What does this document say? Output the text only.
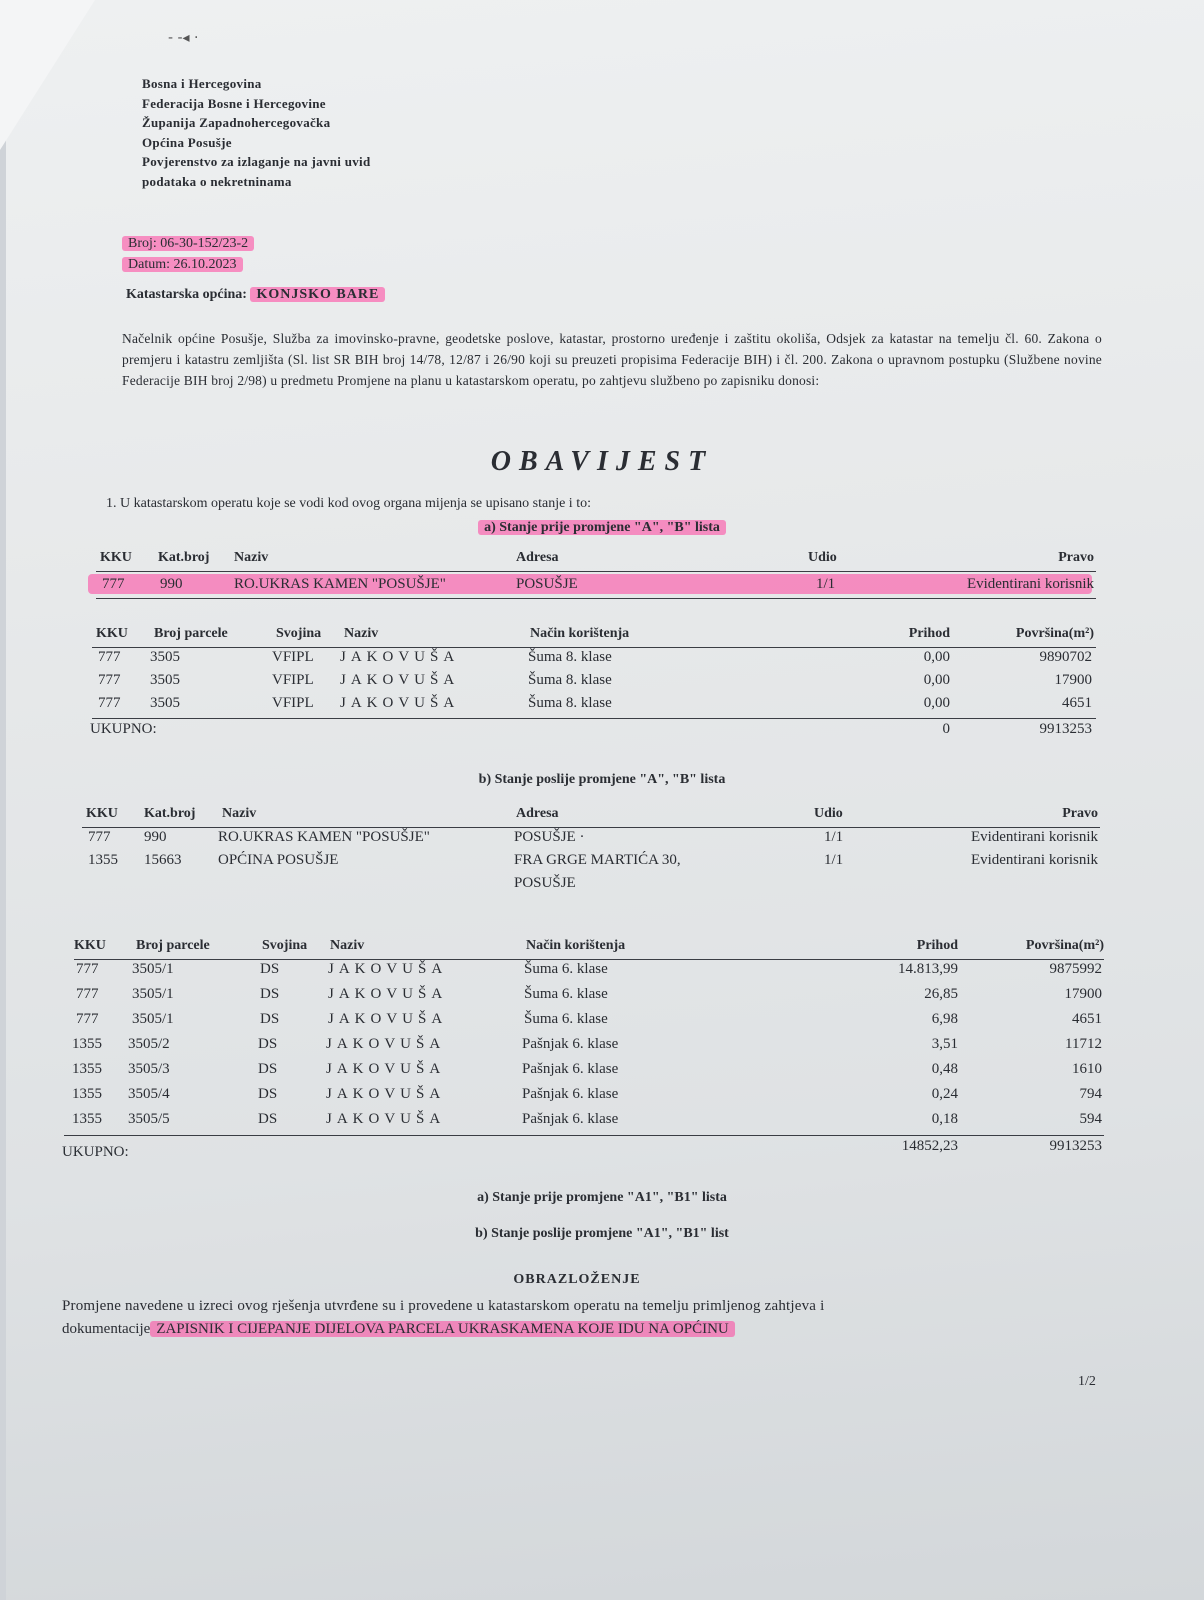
‐ ‐◂ ·
Bosna i Hercegovina
Federacija Bosne i Hercegovine
Županija Zapadnohercegovačka
Općina Posušje
Povjerenstvo za izlaganje na javni uvid
podataka o nekretninama
Broj: 06-30-152/23-2
Datum: 26.10.2023
Katastarska općina: KONJSKO BARE
Načelnik općine Posušje, Služba za imovinsko-pravne, geodetske poslove, katastar, prostorno uređenje i zaštitu okoliša, Odsjek za katastar na temelju čl. 60. Zakona o premjeru i katastru zemljišta (Sl. list SR BIH broj 14/78, 12/87 i 26/90 koji su preuzeti propisima Federacije BIH) i čl. 200. Zakona o upravnom postupku (Službene novine Federacije BIH broj 2/98) u predmetu Promjene na planu u katastarskom operatu, po zahtjevu službeno po zapisniku donosi:
OBAVIJEST
1. U katastarskom operatu koje se vodi kod ovog organa mijenja se upisano stanje i to:
a) Stanje prije promjene "A", "B" lista
KKU Kat.broj Naziv	Adresa	Udio	Pravo
777 990	RO.UKRAS KAMEN "POSUŠJE"	POSUŠJE	1/1	Evidentirani korisnik
KKU Broj parcele	Svojina Naziv	Način korištenja	Prihod	Površina(m²)
777 3505	VFIPL JAKOVUŠA	Šuma 8. klase	0,00	9890702
777 3505	VFIPL JAKOVUŠA	Šuma 8. klase	0,00	17900
777 3505	VFIPL JAKOVUŠA	Šuma 8. klase	0,00	4651
UKUPNO:	0	9913253
b) Stanje poslije promjene "A", "B" lista
KKU Kat.broj Naziv	Adresa	Udio	Pravo
777 990	RO.UKRAS KAMEN "POSUŠJE"	POSUŠJE ·	1/1	Evidentirani korisnik
1355 15663 OPĆINA POSUŠJE	FRA GRGE MARTIĆA 30,	1/1	Evidentirani korisnik
POSUŠJE
KKU Broj parcele	Svojina Naziv	Način korištenja	Prihod	Površina(m²)
777 3505/1	DS	JAKOVUŠA	Šuma 6. klase	14.813,99	9875992
777 3505/1	DS	JAKOVUŠA	Šuma 6. klase	26,85	17900
777 3505/1	DS	JAKOVUŠA	Šuma 6. klase	6,98	4651
1355 3505/2	DS	JAKOVUŠA	Pašnjak 6. klase	3,51	11712
1355 3505/3	DS	JAKOVUŠA	Pašnjak 6. klase	0,48	1610
1355 3505/4	DS	JAKOVUŠA	Pašnjak 6. klase	0,24	794
1355 3505/5	DS	JAKOVUŠA	Pašnjak 6. klase	0,18	594
UKUPNO:	14852,23	9913253
a) Stanje prije promjene "A1", "B1" lista
b) Stanje poslije promjene "A1", "B1" list
OBRAZLOŽENJE
Promjene navedene u izreci ovog rješenja utvrđene su i provedene u katastarskom operatu na temelju primljenog zahtjeva i
dokumentacije ZAPISNIK I CIJEPANJE DIJELOVA PARCELA UKRASKAMENA KOJE IDU NA OPĆINU
1/2
